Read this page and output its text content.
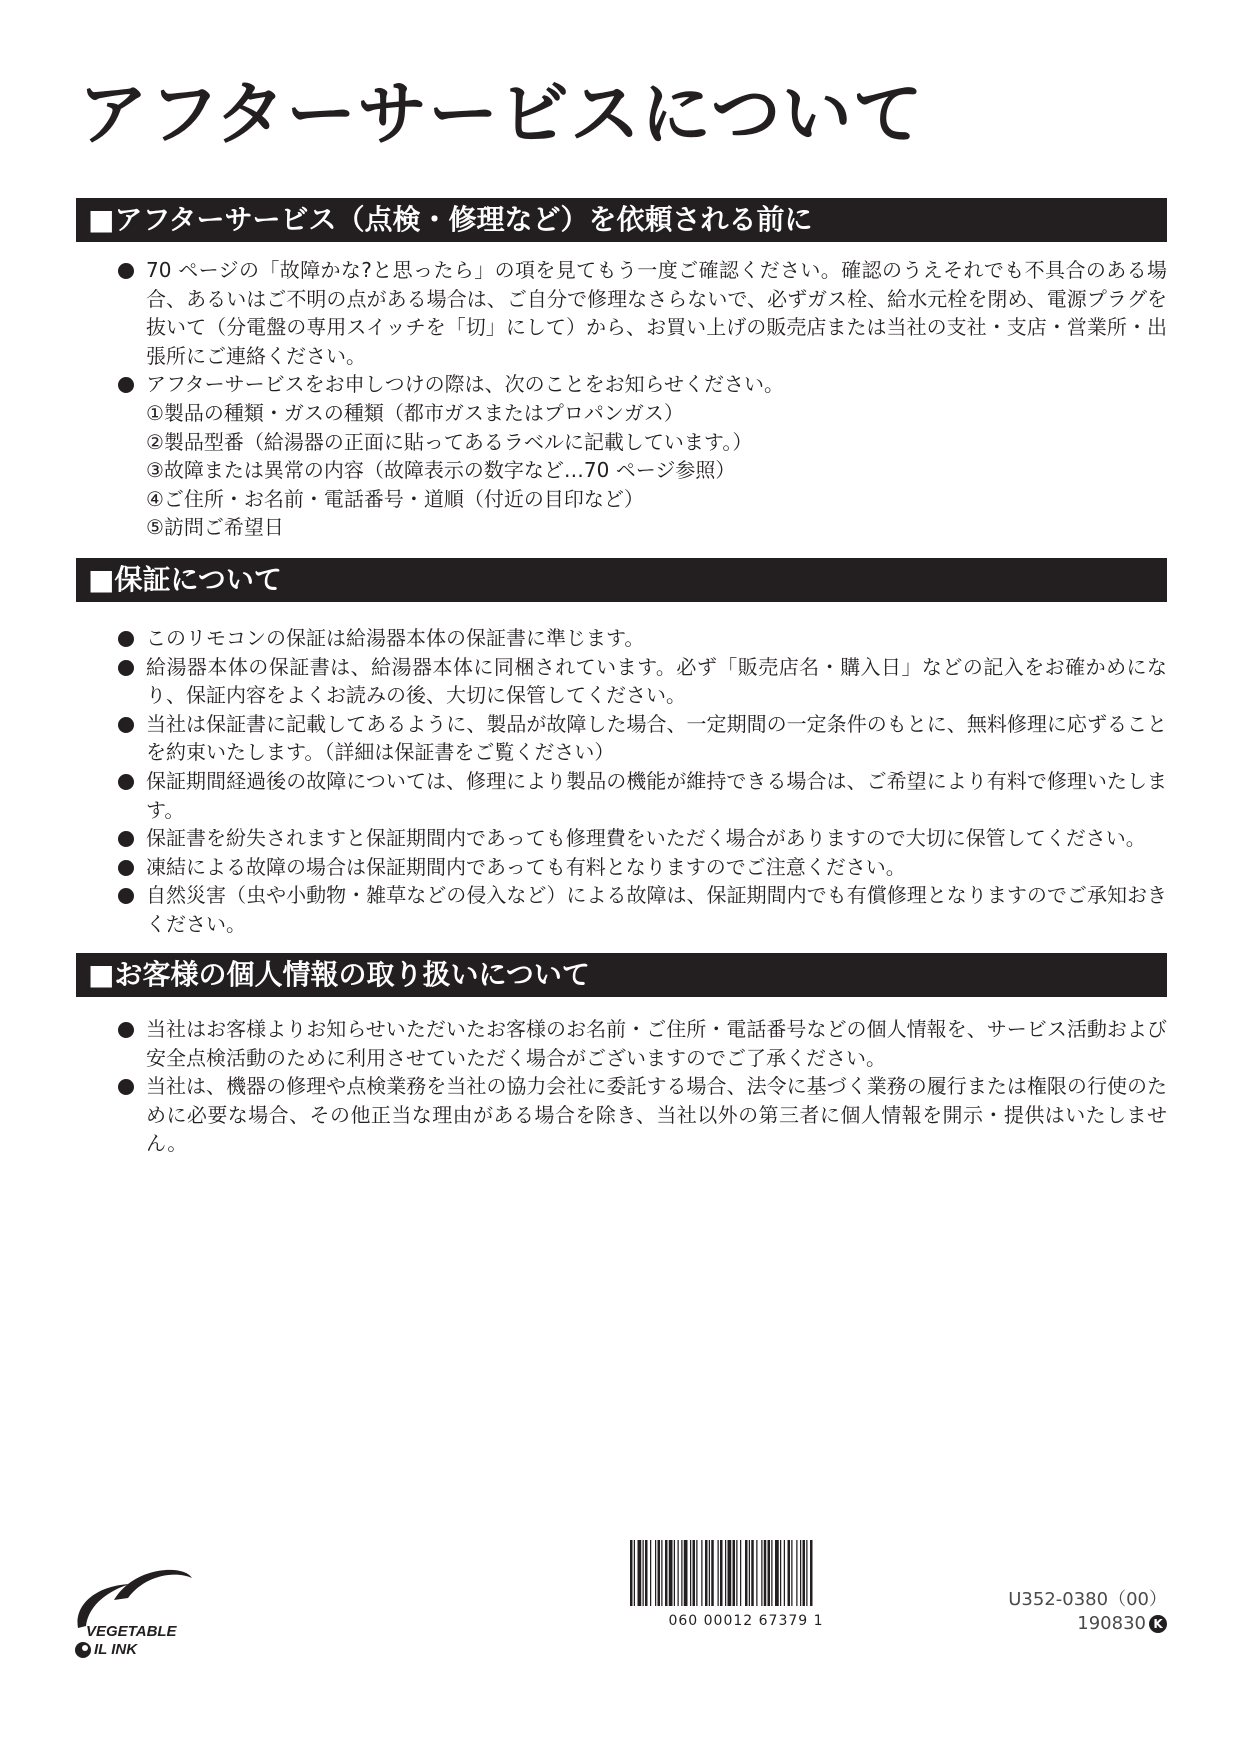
アフターサービスについて
■アフターサービス（点検・修理など）を依頼される前に

70 ページの「故障かな?と思ったら」の項を見てもう一度ご確認ください。確認のうえそれでも不具合のある場合、あるいはご不明の点がある場合は、ご自分で修理なさらないで、必ずガス栓、給水元栓を閉め、電源プラグを抜いて（分電盤の専用スイッチを「切」にして）から、お買い上げの販売店または当社の支社・支店・営業所・出張所にご連絡ください。

アフターサービスをお申しつけの際は、次のことをお知らせください。

①製品の種類・ガスの種類（都市ガスまたはプロパンガス）

②製品型番（給湯器の正面に貼ってあるラベルに記載しています。）

③故障または異常の内容（故障表示の数字など…70 ページ参照）

④ご住所・お名前・電話番号・道順（付近の目印など）

⑤訪問ご希望日

■保証について

このリモコンの保証は給湯器本体の保証書に準じます。

給湯器本体の保証書は、給湯器本体に同梱されています。必ず「販売店名・購入日」などの記入をお確かめになり、保証内容をよくお読みの後、大切に保管してください。

当社は保証書に記載してあるように、製品が故障した場合、一定期間の一定条件のもとに、無料修理に応ずることを約束いたします。（詳細は保証書をご覧ください）

保証期間経過後の故障については、修理により製品の機能が維持できる場合は、ご希望により有料で修理いたします。

保証書を紛失されますと保証期間内であっても修理費をいただく場合がありますので大切に保管してください。

凍結による故障の場合は保証期間内であっても有料となりますのでご注意ください。

自然災害（虫や小動物・雑草などの侵入など）による故障は、保証期間内でも有償修理となりますのでご承知おきください。

■お客様の個人情報の取り扱いについて

当社はお客様よりお知らせいただいたお客様のお名前・ご住所・電話番号などの個人情報を、サービス活動および安全点検活動のために利用させていただく場合がございますのでご了承ください。

当社は、機器の修理や点検業務を当社の協力会社に委託する場合、法令に基づく業務の履行または権限の行使のために必要な場合、その他正当な理由がある場合を除き、当社以外の第三者に個人情報を開示・提供はいたしません。

VEGETABLE
IL INK
060 00012 67379 1
U352-0380（00）
190830 K
